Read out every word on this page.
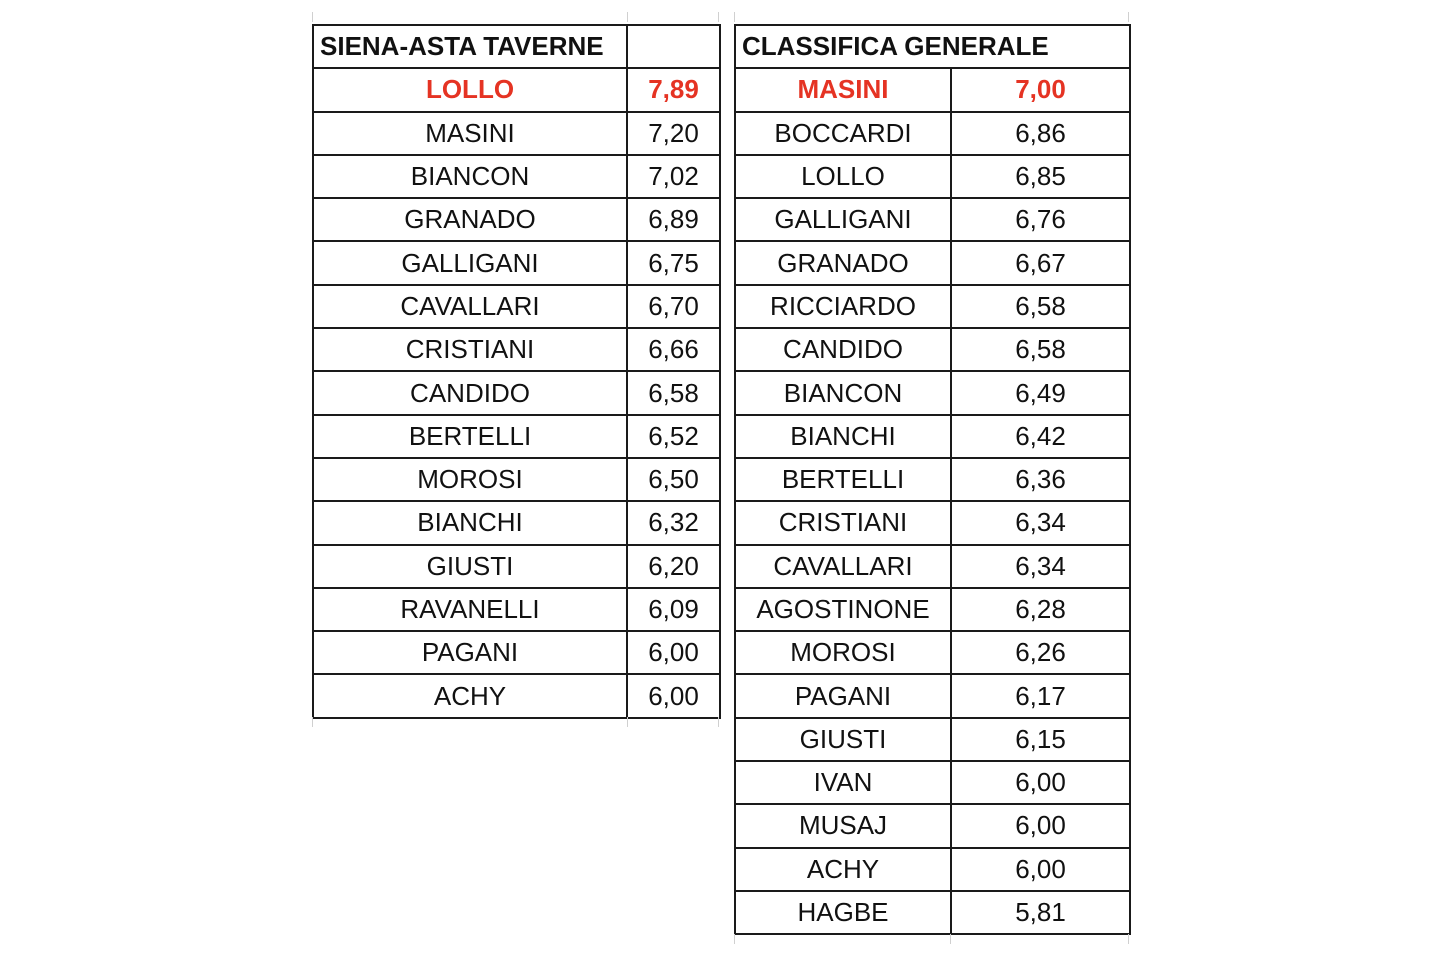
SIENA-ASTA TAVERNE	
LOLLO	7,89
MASINI	7,20
BIANCON	7,02
GRANADO	6,89
GALLIGANI	6,75
CAVALLARI	6,70
CRISTIANI	6,66
CANDIDO	6,58
BERTELLI	6,52
MOROSI	6,50
BIANCHI	6,32
GIUSTI	6,20
RAVANELLI	6,09
PAGANI	6,00
ACHY	6,00
CLASSIFICA GENERALE	
MASINI	7,00
BOCCARDI	6,86
LOLLO	6,85
GALLIGANI	6,76
GRANADO	6,67
RICCIARDO	6,58
CANDIDO	6,58
BIANCON	6,49
BIANCHI	6,42
BERTELLI	6,36
CRISTIANI	6,34
CAVALLARI	6,34
AGOSTINONE	6,28
MOROSI	6,26
PAGANI	6,17
GIUSTI	6,15
IVAN	6,00
MUSAJ	6,00
ACHY	6,00
HAGBE	5,81
